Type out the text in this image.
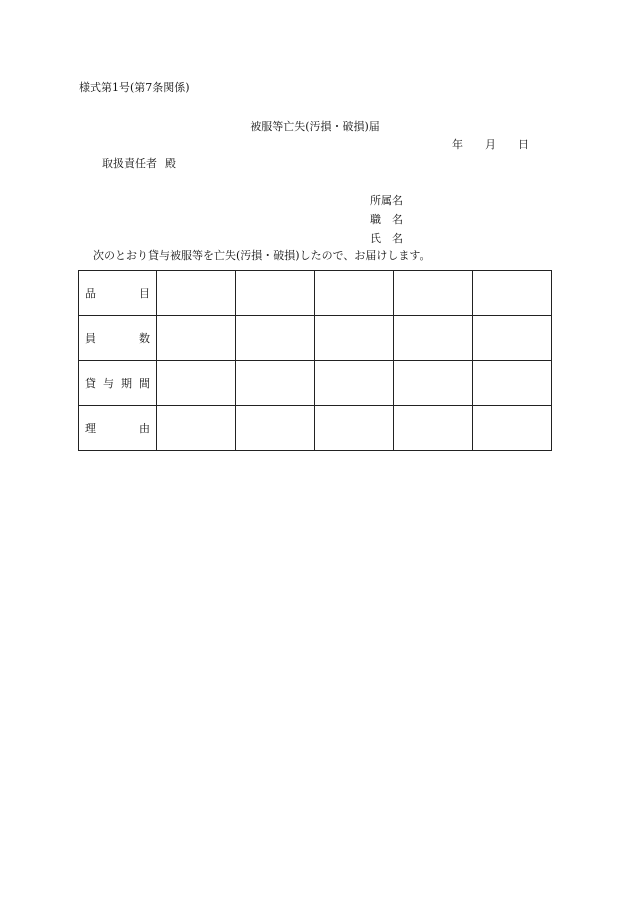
様式第1号(第7条関係)
被服等亡失(汚損・破損)届
年 月 日
取扱責任者 殿
所属名
職　名
氏　名
次のとおり貸与被服等を亡失(汚損・破損)したので、お届けします。
品 目					

員 数					

貸 与 期 間					

理 由					
